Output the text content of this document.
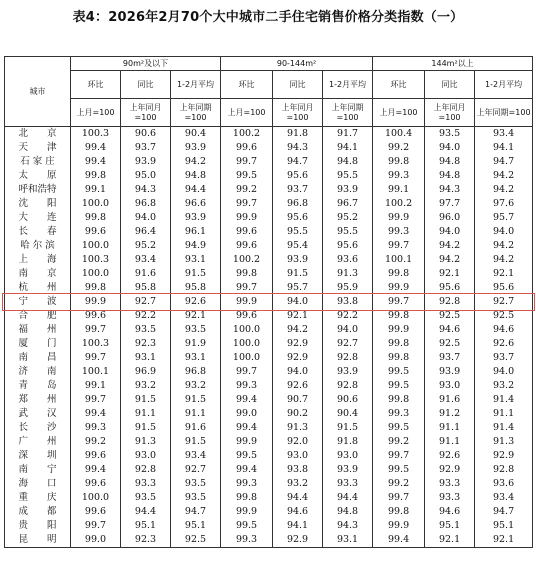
表4：2026年2月70个大中城市二手住宅销售价格分类指数（一）
城市	90m²及以下			90-144m²			144m²以上		
	环比	同比	1-2月平均	环比	同比	1-2月平均	环比	同比	1-2月平均
	上月=100	上年同月=100	上年同期=100	上月=100	上年同月=100	上年同期=100	上月=100	上年同月=100	上年同期=100
北　　京	100.3	90.6	90.4	100.2	91.8	91.7	100.4	93.5	93.4
天　　津	99.4	93.7	93.9	99.6	94.3	94.1	99.2	94.0	94.1
石 家 庄	99.4	93.9	94.2	99.7	94.7	94.8	99.8	94.8	94.7
太　　原	99.8	95.0	94.8	99.5	95.6	95.5	99.3	94.8	94.2
呼和浩特	99.1	94.3	94.4	99.2	93.7	93.9	99.1	94.3	94.2
沈　　阳	100.0	96.8	96.6	99.7	96.8	96.7	100.2	97.7	97.6
大　　连	99.8	94.0	93.9	99.9	95.6	95.2	99.9	96.0	95.7
长　　春	99.6	96.4	96.1	99.6	95.5	95.5	99.3	94.0	94.0
哈 尔 滨	100.0	95.2	94.9	99.6	95.4	95.6	99.7	94.2	94.2
上　　海	100.3	93.4	93.1	100.2	93.9	93.6	100.1	94.2	94.2
南　　京	100.0	91.6	91.5	99.8	91.5	91.3	99.8	92.1	92.1
杭　　州	99.8	95.8	95.8	99.7	95.7	95.9	99.9	95.6	95.6
宁　　波	99.9	92.7	92.6	99.9	94.0	93.8	99.7	92.8	92.7
合　　肥	99.6	92.2	92.1	99.6	92.1	92.2	99.8	92.5	92.5
福　　州	99.7	93.5	93.5	100.0	94.2	94.0	99.9	94.6	94.6
厦　　门	100.3	92.3	91.9	100.0	92.9	92.7	99.8	92.5	92.6
南　　昌	99.7	93.1	93.1	100.0	92.9	92.8	99.8	93.7	93.7
济　　南	100.1	96.9	96.8	99.7	94.0	93.9	99.5	93.9	94.0
青　　岛	99.1	93.2	93.2	99.3	92.6	92.8	99.5	93.0	93.2
郑　　州	99.7	91.5	91.5	99.4	90.7	90.6	99.8	91.6	91.4
武　　汉	99.4	91.1	91.1	99.0	90.2	90.4	99.3	91.2	91.1
长　　沙	99.3	91.5	91.6	99.4	91.3	91.5	99.5	91.1	91.4
广　　州	99.2	91.3	91.5	99.9	92.0	91.8	99.2	91.1	91.3
深　　圳	99.6	93.0	93.4	99.5	93.0	93.0	99.7	92.6	92.9
南　　宁	99.4	92.8	92.7	99.4	93.8	93.9	99.5	92.9	92.8
海　　口	99.6	93.3	93.5	99.3	93.2	93.3	99.2	93.3	93.6
重　　庆	100.0	93.5	93.5	99.8	94.4	94.4	99.7	93.3	93.4
成　　都	99.6	94.4	94.7	99.9	94.6	94.8	99.8	94.6	94.7
贵　　阳	99.7	95.1	95.1	99.5	94.1	94.3	99.9	95.1	95.1
昆　　明	99.0	92.3	92.5	99.3	92.9	93.1	99.4	92.1	92.1
